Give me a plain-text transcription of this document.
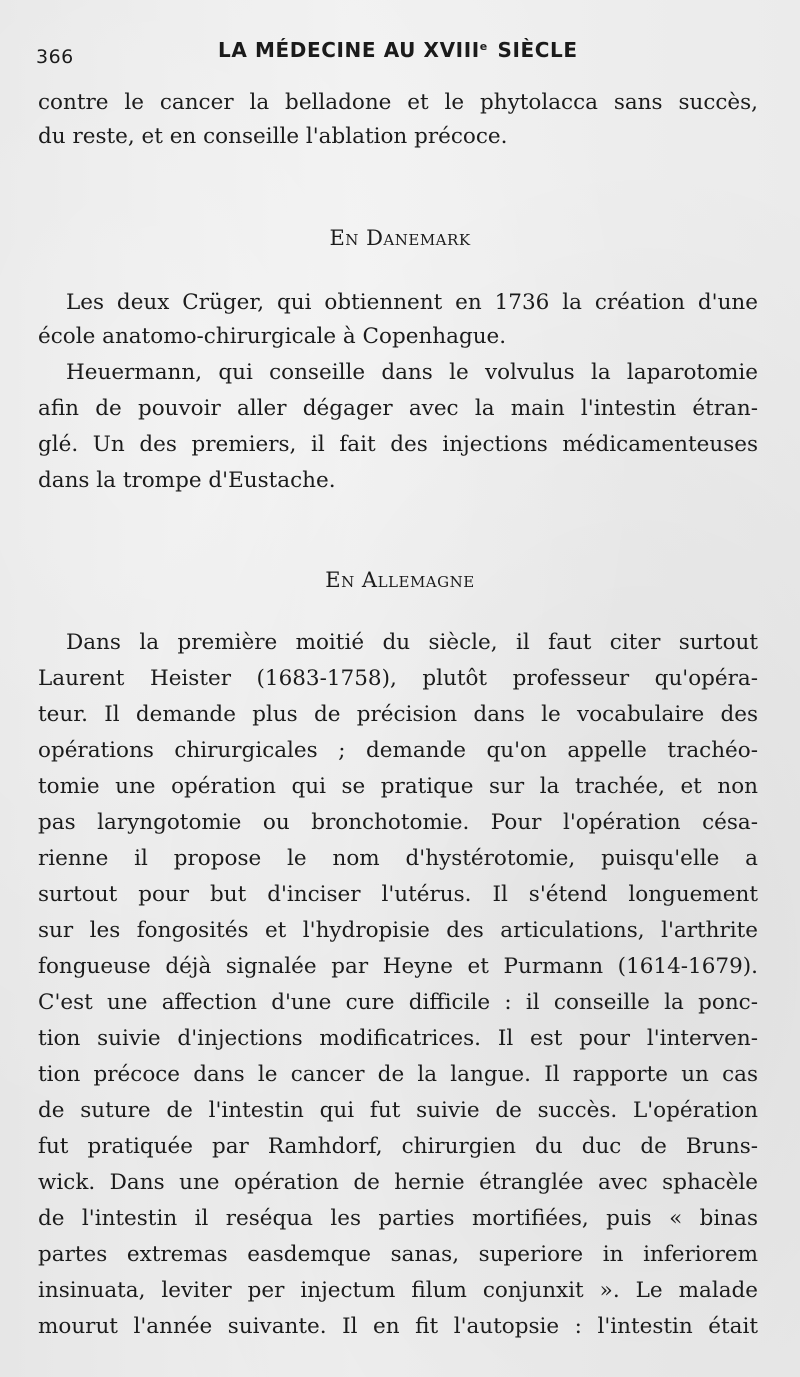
366	LA MÉDECINE AU XVIIIe SIÈCLE
contre le cancer la belladone et le phytolacca sans succès,
du reste, et en conseille l'ablation précoce.
En Danemark
Les deux Crüger, qui obtiennent en 1736 la création d'une
école anatomo-chirurgicale à Copenhague.
Heuermann, qui conseille dans le volvulus la laparotomie
afin de pouvoir aller dégager avec la main l'intestin étran-
glé. Un des premiers, il fait des injections médicamenteuses
dans la trompe d'Eustache.
En Allemagne
Dans la première moitié du siècle, il faut citer surtout
Laurent Heister (1683-1758), plutôt professeur qu'opéra-
teur. Il demande plus de précision dans le vocabulaire des
opérations chirurgicales ; demande qu'on appelle trachéo-
tomie une opération qui se pratique sur la trachée, et non
pas laryngotomie ou bronchotomie. Pour l'opération césa-
rienne il propose le nom d'hystérotomie, puisqu'elle a
surtout pour but d'inciser l'utérus. Il s'étend longuement
sur les fongosités et l'hydropisie des articulations, l'arthrite
fongueuse déjà signalée par Heyne et Purmann (1614-1679).
C'est une affection d'une cure difficile : il conseille la ponc-
tion suivie d'injections modificatrices. Il est pour l'interven-
tion précoce dans le cancer de la langue. Il rapporte un cas
de suture de l'intestin qui fut suivie de succès. L'opération
fut pratiquée par Ramhdorf, chirurgien du duc de Bruns-
wick. Dans une opération de hernie étranglée avec sphacèle
de l'intestin il reséqua les parties mortifiées, puis « binas
partes extremas easdemque sanas, superiore in inferiorem
insinuata, leviter per injectum filum conjunxit ». Le malade
mourut l'année suivante. Il en fit l'autopsie : l'intestin était
